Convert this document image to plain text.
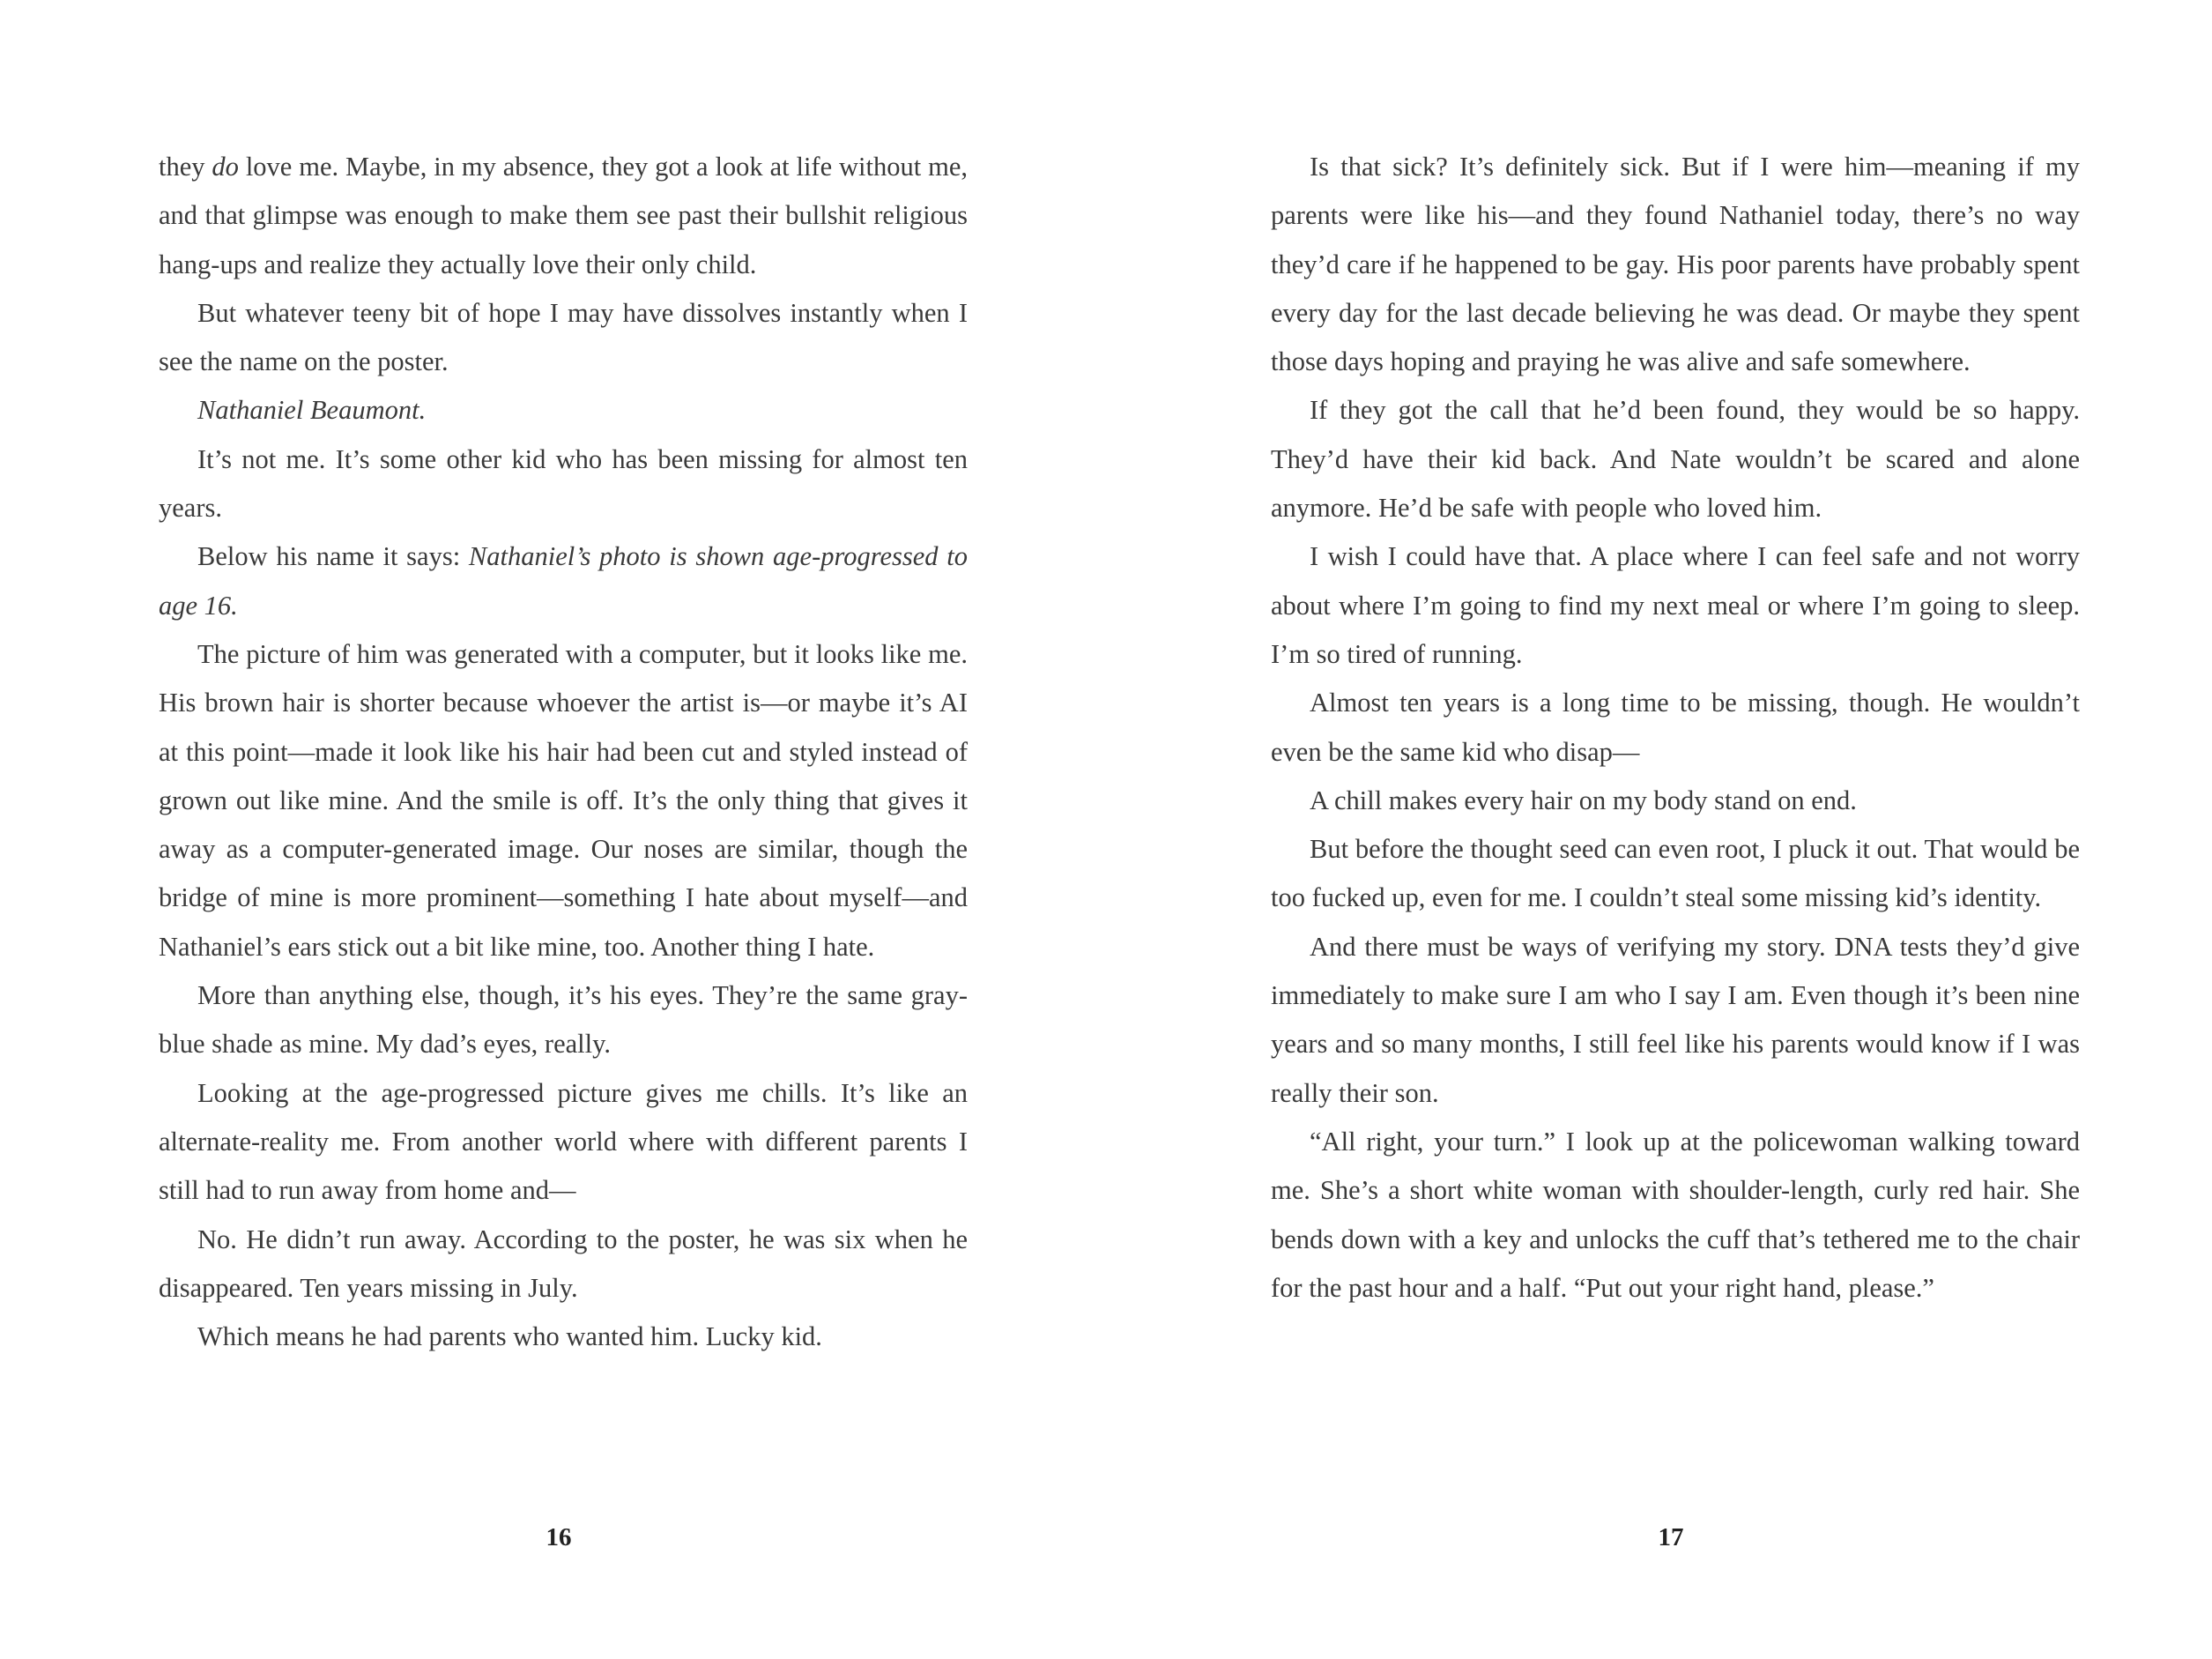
they do love me. Maybe, in my absence, they got a look at life without me, and that glimpse was enough to make them see past their bullshit religious hang-ups and realize they actually love their only child.

But whatever teeny bit of hope I may have dissolves instantly when I see the name on the poster.

Nathaniel Beaumont.

It’s not me. It’s some other kid who has been missing for almost ten years.

Below his name it says: Nathaniel’s photo is shown age-progressed to age 16.

The picture of him was generated with a computer, but it looks like me. His brown hair is shorter because whoever the artist is—or maybe it’s AI at this point—made it look like his hair had been cut and styled instead of grown out like mine. And the smile is off. It’s the only thing that gives it away as a computer-generated image. Our noses are similar, though the bridge of mine is more prominent—something I hate about myself—and Nathaniel’s ears stick out a bit like mine, too. Another thing I hate.

More than anything else, though, it’s his eyes. They’re the same gray-blue shade as mine. My dad’s eyes, really.

Looking at the age-progressed picture gives me chills. It’s like an alternate-reality me. From another world where with different parents I still had to run away from home and—

No. He didn’t run away. According to the poster, he was six when he disappeared. Ten years missing in July.

Which means he had parents who wanted him. Lucky kid.

16

Is that sick? It’s definitely sick. But if I were him—meaning if my parents were like his—and they found Nathaniel today, there’s no way they’d care if he happened to be gay. His poor parents have probably spent every day for the last decade believing he was dead. Or maybe they spent those days hoping and praying he was alive and safe somewhere.

If they got the call that he’d been found, they would be so happy. They’d have their kid back. And Nate wouldn’t be scared and alone anymore. He’d be safe with people who loved him.

I wish I could have that. A place where I can feel safe and not worry about where I’m going to find my next meal or where I’m going to sleep. I’m so tired of running.

Almost ten years is a long time to be missing, though. He wouldn’t even be the same kid who disap—

A chill makes every hair on my body stand on end.

But before the thought seed can even root, I pluck it out. That would be too fucked up, even for me. I couldn’t steal some missing kid’s identity.

And there must be ways of verifying my story. DNA tests they’d give immediately to make sure I am who I say I am. Even though it’s been nine years and so many months, I still feel like his parents would know if I was really their son.

“All right, your turn.” I look up at the policewoman walking toward me. She’s a short white woman with shoulder-length, curly red hair. She bends down with a key and unlocks the cuff that’s tethered me to the chair for the past hour and a half. “Put out your right hand, please.”

17
